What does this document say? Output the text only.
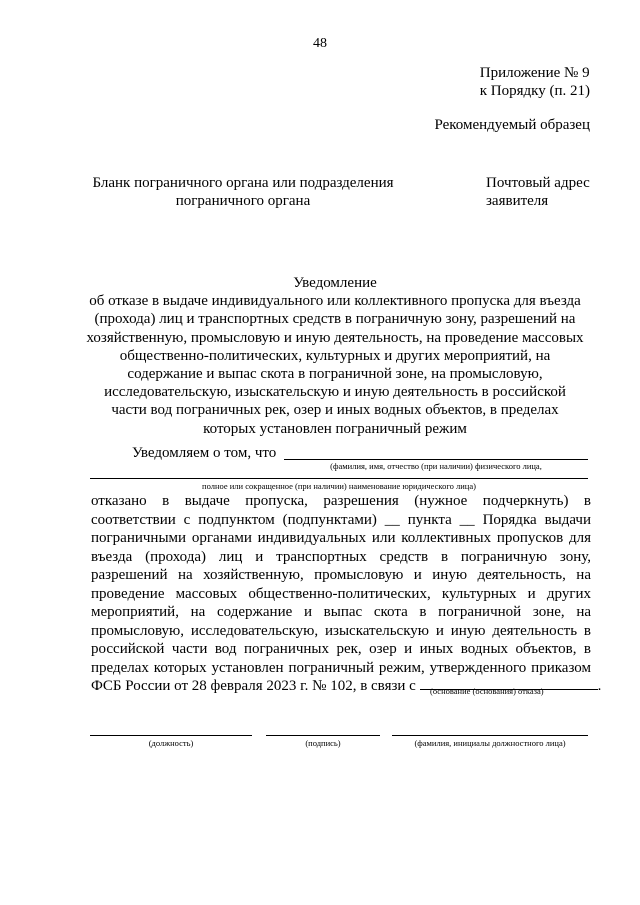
48
Приложение № 9
к Порядку (п. 21)
Рекомендуемый образец
Бланк пограничного органа или подразделения
пограничного органа
Почтовый адрес
заявителя
Уведомление
об отказе в выдаче индивидуального или коллективного пропуска для въезда
(прохода) лиц и транспортных средств в пограничную зону, разрешений на
хозяйственную, промысловую и иную деятельность, на проведение массовых
общественно-политических, культурных и других мероприятий, на
содержание и выпас скота в пограничной зоне, на промысловую,
исследовательскую, изыскательскую и иную деятельность в российской
части вод пограничных рек, озер и иных водных объектов, в пределах
которых установлен пограничный режим
Уведомляем о том, что
(фамилия, имя, отчество (при наличии) физического лица,
полное или сокращенное (при наличии) наименование юридического лица)
отказано в выдаче пропуска, разрешения (нужное подчеркнуть) в
соответствии с подпунктом (подпунктами) __ пункта __ Порядка выдачи
пограничными органами индивидуальных или коллективных пропусков для
въезда (прохода) лиц и транспортных средств в пограничную зону,
разрешений на хозяйственную, промысловую и иную деятельность, на
проведение массовых общественно-политических, культурных и других
мероприятий, на содержание и выпас скота в пограничной зоне, на
промысловую, исследовательскую, изыскательскую и иную деятельность в
российской части вод пограничных рек, озер и иных водных объектов, в
пределах которых установлен пограничный режим, утвержденного приказом
ФСБ России от 28 февраля 2023 г. № 102, в связи с	.
(основание (основания) отказа)
(должность)	(подпись)	(фамилия, инициалы должностного лица)
